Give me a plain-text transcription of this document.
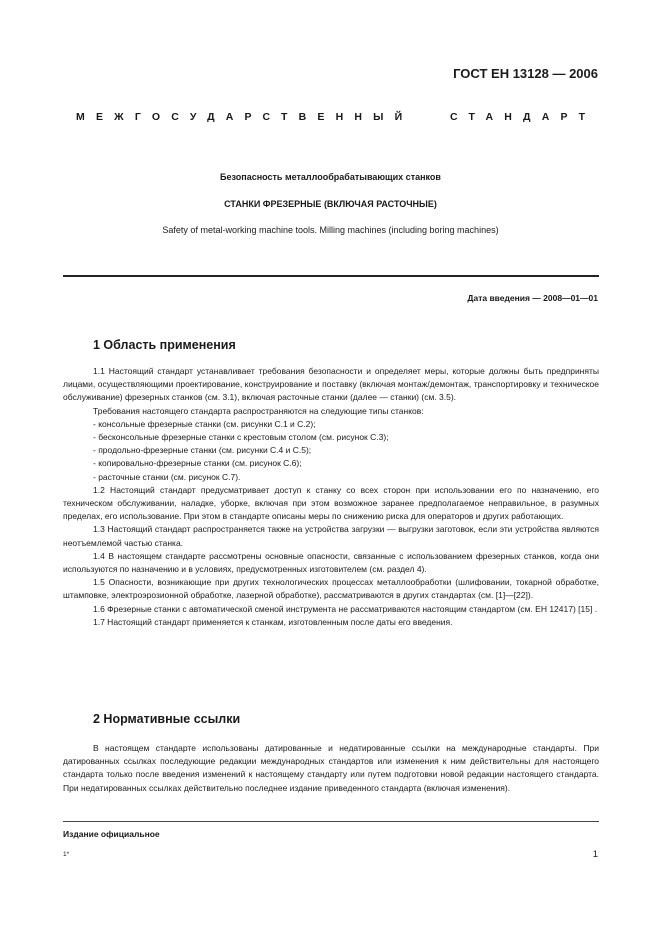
ГОСТ ЕН 13128 — 2006
МЕЖГОСУДАРСТВЕННЫЙ	СТАНДАРТ
Безопасность металлообрабатывающих станков
СТАНКИ ФРЕЗЕРНЫЕ (ВКЛЮЧАЯ РАСТОЧНЫЕ)
Safety of metal-working machine tools. Milling machines (including boring machines)
Дата введения — 2008—01—01
1 Область применения

1.1 Настоящий стандарт устанавливает требования безопасности и определяет меры, которые должны быть предприняты лицами, осуществляющими проектирование, конструирование и поставку (включая монтаж/демонтаж, транспортировку и техническое обслуживание) фрезерных станков (см. 3.1), включая расточные станки (далее — станки) (см. 3.5).

Требования настоящего стандарта распространяются на следующие типы станков:

- консольные фрезерные станки (см. рисунки С.1 и С.2);

- бесконсольные фрезерные станки с крестовым столом (см. рисунок С.3);

- продольно-фрезерные станки (см. рисунки С.4 и С.5);

- копировально-фрезерные станки (см. рисунок С.6);

- расточные станки (см. рисунок С.7).

1.2 Настоящий стандарт предусматривает доступ к станку со всех сторон при использовании его по назначению, его техническом обслуживании, наладке, уборке, включая при этом возможное заранее предполагаемое неправильное, в разумных пределах, его использование. При этом в стандарте описаны меры по снижению риска для операторов и других работающих.

1.3 Настоящий стандарт распространяется также на устройства загрузки — выгрузки заготовок, если эти устройства являются неотъемлемой частью станка.

1.4 В настоящем стандарте рассмотрены основные опасности, связанные с использованием фрезерных станков, когда они используются по назначению и в условиях, предусмотренных изготовителем (см. раздел 4).

1.5 Опасности, возникающие при других технологических процессах металлообработки (шлифовании, токарной обработке, штамповке, электроэрозионной обработке, лазерной обработке), рассматриваются в других стандартах (см. [1]—[22]).

1.6 Фрезерные станки с автоматической сменой инструмента не рассматриваются настоящим стандартом (см. ЕН 12417) [15] .

1.7 Настоящий стандарт применяется к станкам, изготовленным после даты его введения.

2 Нормативные ссылки

В настоящем стандарте использованы датированные и недатированные ссылки на международные стандарты. При датированных ссылках последующие редакции международных стандартов или изменения к ним действительны для настоящего стандарта только после введения изменений к настоящему стандарту или путем подготовки новой редакции настоящего стандарта. При недатированных ссылках действительно последнее издание приведенного стандарта (включая изменения).

Издание официальное
1*	1
